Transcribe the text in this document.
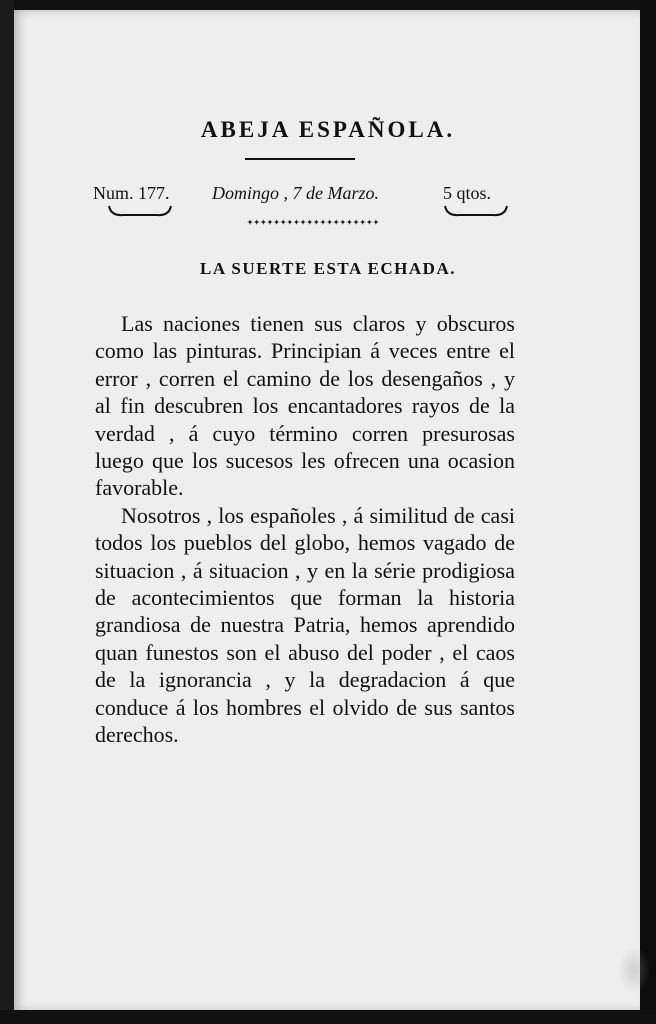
ABEJA ESPAÑOLA.
Num. 177. Domingo , 7 de Marzo.	5 qtos.
✦✦✦✦✦✦✦✦✦✦✦✦✦✦✦✦✦✦✦✦
LA SUERTE ESTA ECHADA.

Las naciones tienen sus claros y obscuros como las pinturas. Principian á veces entre el error , corren el camino de los desengaños , y al fin descubren los encantadores rayos de la verdad , á cuyo término corren presurosas luego que los sucesos les ofrecen una ocasion favorable.

Nosotros , los españoles , á similitud de casi todos los pueblos del globo, hemos vagado de situacion , á situacion , y en la série prodigiosa de acontecimientos que forman la historia grandiosa de nuestra Patria, hemos aprendido quan funestos son el abuso del poder , el caos de la ignorancia , y la degradacion á que conduce á los hombres el olvido de sus santos derechos.
